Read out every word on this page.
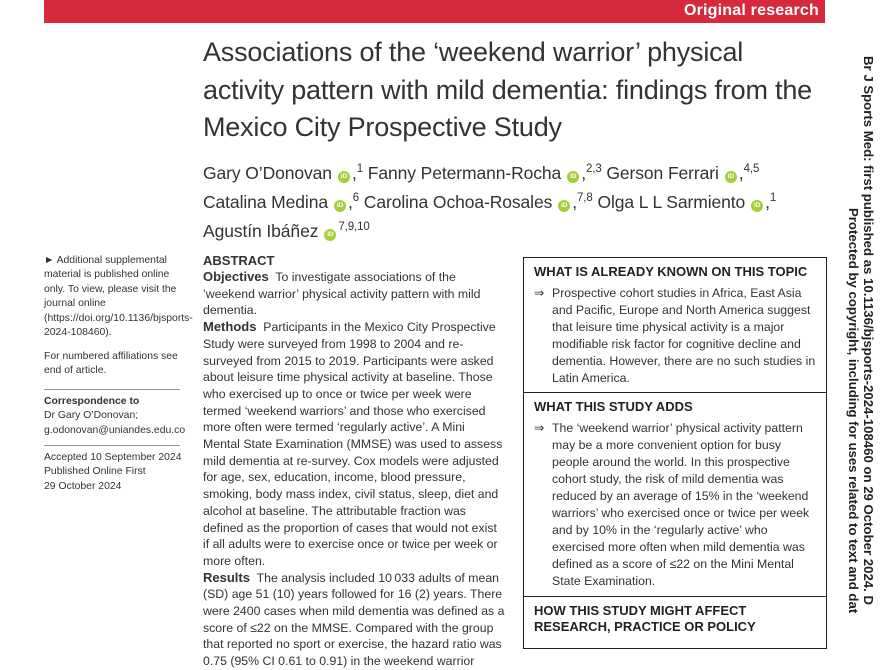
Original research
Associations of the ‘weekend warrior’ physical activity pattern with mild dementia: findings from the Mexico City Prospective Study
Gary O’Donovan iD ,$^1$ Fanny Petermann-Rocha iD ,$^{2,3}$ Gerson Ferrari iD ,$^{4,5}$
Catalina Medina iD ,$^6$ Carolina Ochoa-Rosales iD ,$^{7,8}$ Olga L L Sarmiento iD ,$^1$
Agustín Ibáñez iD$^{7,9,10}$

► Additional supplemental material is published online only. To view, please visit the journal online (https://doi.org/10.1136/bjsports-2024-108460).

For numbered affiliations see end of article.

Correspondence to

Dr Gary O’Donovan;

g.odonovan@uniandes.edu.co

Accepted 10 September 2024

Published Online First

29 October 2024

ABSTRACT

Objectives To investigate associations of the ’weekend warrior’ physical activity pattern with mild dementia.

Methods Participants in the Mexico City Prospective Study were surveyed from 1998 to 2004 and re-surveyed from 2015 to 2019. Participants were asked about leisure time physical activity at baseline. Those who exercised up to once or twice per week were termed ‘weekend warriors’ and those who exercised more often were termed ‘regularly active’. A Mini Mental State Examination (MMSE) was used to assess mild dementia at re-survey. Cox models were adjusted for age, sex, education, income, blood pressure, smoking, body mass index, civil status, sleep, diet and alcohol at baseline. The attributable fraction was defined as the proportion of cases that would not exist if all adults were to exercise once or twice per week or more often.

Results The analysis included 10 033 adults of mean (SD) age 51 (10) years followed for 16 (2) years. There were 2400 cases when mild dementia was defined as a score of ≤22 on the MMSE. Compared with the group that reported no sport or exercise, the hazard ratio was 0.75 (95% CI 0.61 to 0.91) in the weekend warrior

WHAT IS ALREADY KNOWN ON THIS TOPIC

⇒ Prospective cohort studies in Africa, East Asia and Pacific, Europe and North America suggest that leisure time physical activity is a major modifiable risk factor for cognitive decline and dementia. However, there are no such studies in Latin America.

WHAT THIS STUDY ADDS

⇒ The ‘weekend warrior’ physical activity pattern may be a more convenient option for busy people around the world. In this prospective cohort study, the risk of mild dementia was reduced by an average of 15% in the ‘weekend warriors’ who exercised once or twice per week and by 10% in the ‘regularly active’ who exercised more often when mild dementia was defined as a score of ≤22 on the Mini Mental State Examination.

HOW THIS STUDY MIGHT AFFECT RESEARCH, PRACTICE OR POLICY

Br J Sports Med: first published as 10.1136/bjsports-2024-108460 on 29 October 2024. D
Protected by copyright, including for uses related to text and dat
